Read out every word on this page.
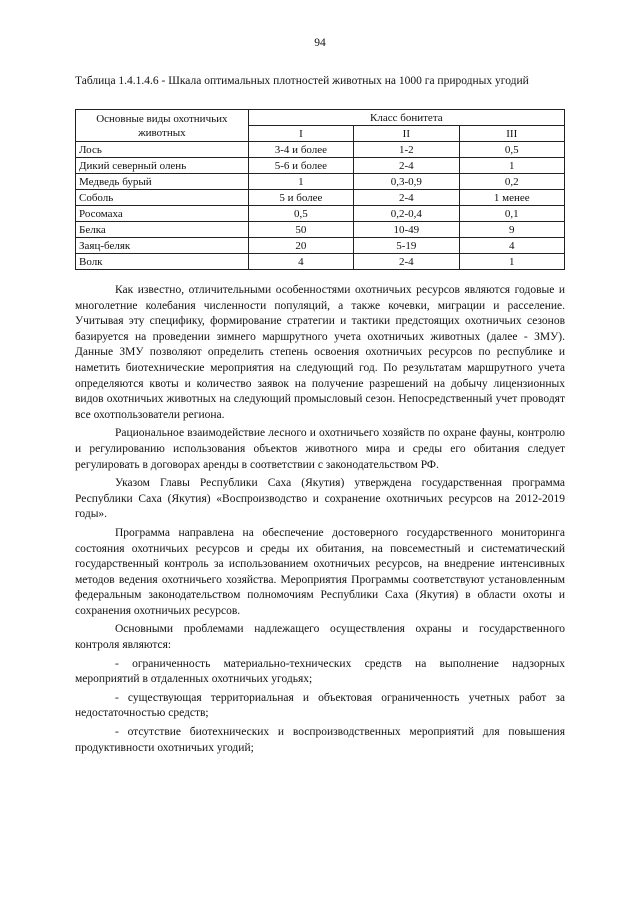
94
Таблица 1.4.1.4.6 - Шкала оптимальных плотностей животных на 1000 га природных угодий
Основные виды охотничьих животных	Класс бонитета		
	I	II	III
Лось	3-4 и более	1-2	0,5
Дикий северный олень	5-6 и более	2-4	1
Медведь бурый	1	0,3-0,9	0,2
Соболь	5 и более	2-4	1 менее
Росомаха	0,5	0,2-0,4	0,1
Белка	50	10-49	9
Заяц-беляк	20	5-19	4
Волк	4	2-4	1

Как известно, отличительными особенностями охотничьих ресурсов являются годовые и многолетние колебания численности популяций, а также кочевки, миграции и расселение. Учитывая эту специфику, формирование стратегии и тактики предстоящих охотничьих сезонов базируется на проведении зимнего маршрутного учета охотничьих животных (далее - ЗМУ). Данные ЗМУ позволяют определить степень освоения охотничьих ресурсов по республике и наметить биотехнические мероприятия на следующий год. По результатам маршрутного учета определяются квоты и количество заявок на получение разрешений на добычу лицензионных видов охотничьих животных на следующий промысловый сезон. Непосредственный учет проводят все охотпользователи региона.

Рациональное взаимодействие лесного и охотничьего хозяйств по охране фауны, контролю и регулированию использования объектов животного мира и среды его обитания следует регулировать в договорах аренды в соответствии с законодательством РФ.

Указом Главы Республики Саха (Якутия) утверждена государственная программа Республики Саха (Якутия) «Воспроизводство и сохранение охотничьих ресурсов на 2012-2019 годы».

Программа направлена на обеспечение достоверного государственного мониторинга состояния охотничьих ресурсов и среды их обитания, на повсеместный и систематический государственный контроль за использованием охотничьих ресурсов, на внедрение интенсивных методов ведения охотничьего хозяйства. Мероприятия Программы соответствуют установленным федеральным законодательством полномочиям Республики Саха (Якутия) в области охоты и сохранения охотничьих ресурсов.

Основными проблемами надлежащего осуществления охраны и государственного контроля являются:

- ограниченность материально-технических средств на выполнение надзорных мероприятий в отдаленных охотничьих угодьях;

- существующая территориальная и объектовая ограниченность учетных работ за недостаточностью средств;

- отсутствие биотехнических и воспроизводственных мероприятий для повышения продуктивности охотничьих угодий;
